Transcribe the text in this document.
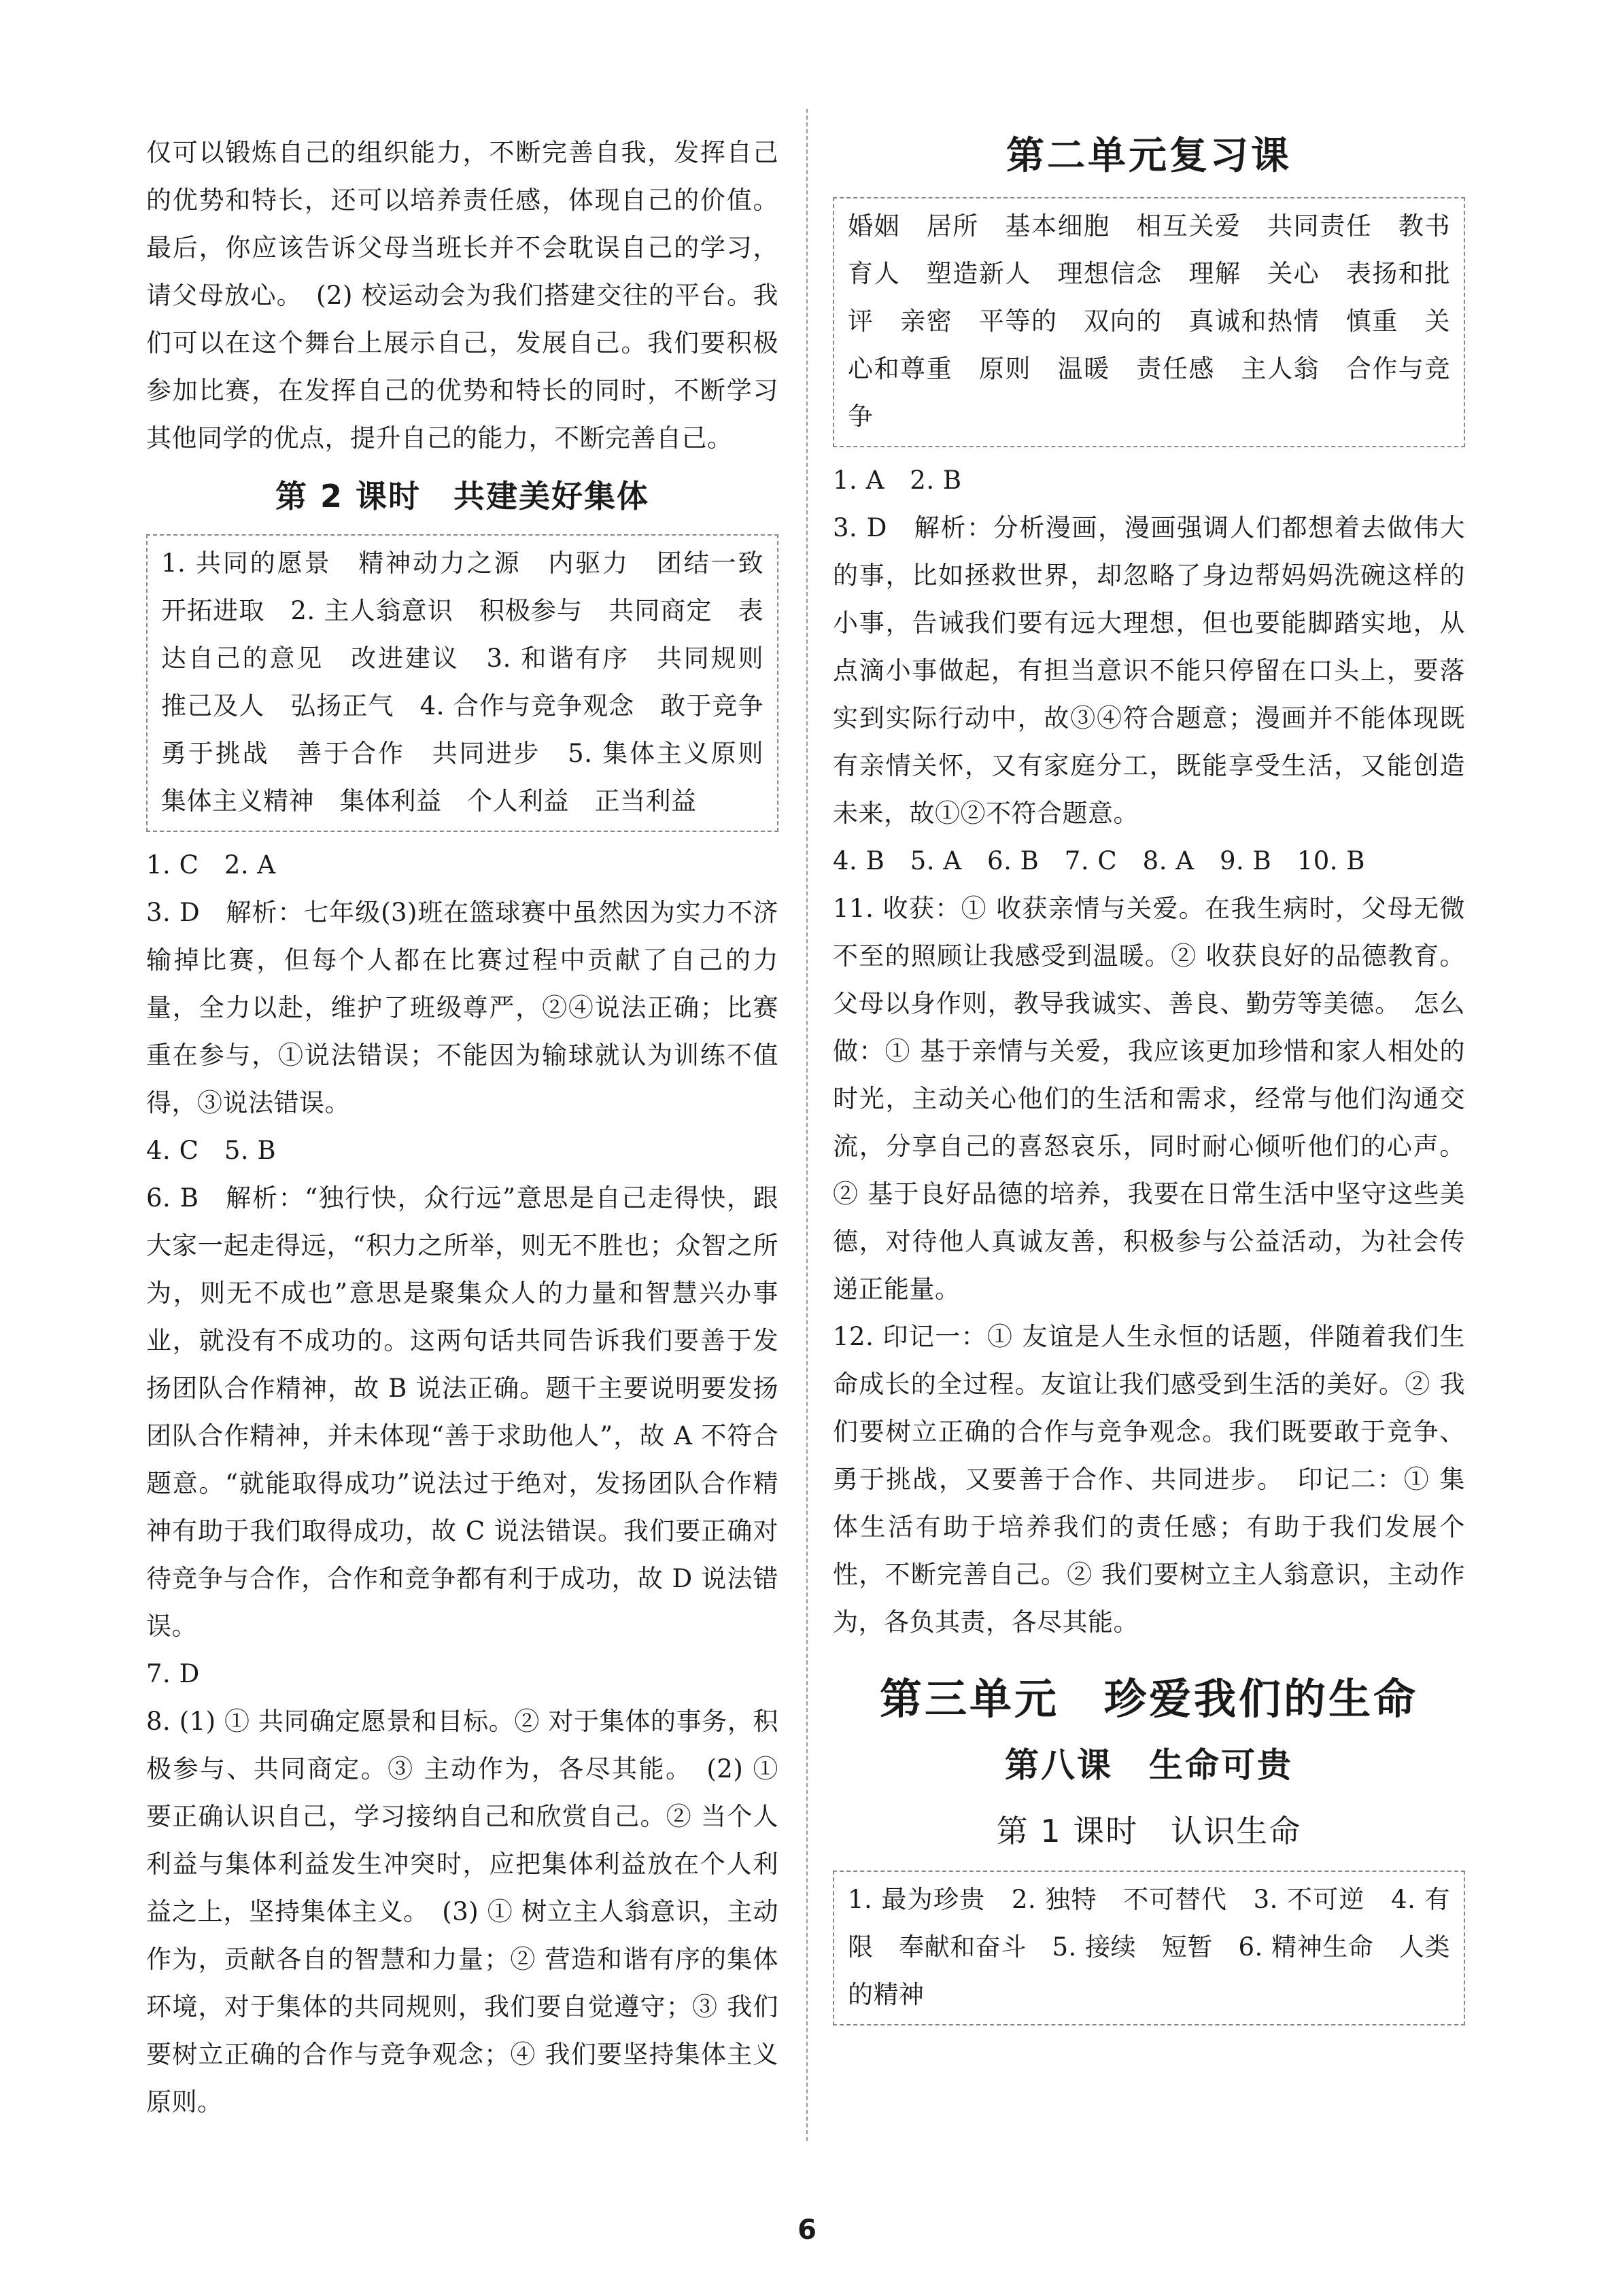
仅可以锻炼自己的组织能力，不断完善自我，发挥自己的优势和特长，还可以培养责任感，体现自己的价值。最后，你应该告诉父母当班长并不会耽误自己的学习，请父母放心。　(2) 校运动会为我们搭建交往的平台。我们可以在这个舞台上展示自己，发展自己。我们要积极参加比赛，在发挥自己的优势和特长的同时，不断学习其他同学的优点，提升自己的能力，不断完善自己。

第 2 课时　共建美好集体

1. 共同的愿景　精神动力之源　内驱力　团结一致　开拓进取　2. 主人翁意识　积极参与　共同商定　表达自己的意见　改进建议　3. 和谐有序　共同规则　推己及人　弘扬正气　4. 合作与竞争观念　敢于竞争　勇于挑战　善于合作　共同进步　5. 集体主义原则　集体主义精神　集体利益　个人利益　正当利益

1. C　2. A

3. D　解析：七年级(3)班在篮球赛中虽然因为实力不济输掉比赛，但每个人都在比赛过程中贡献了自己的力量，全力以赴，维护了班级尊严，②④说法正确；比赛重在参与，①说法错误；不能因为输球就认为训练不值得，③说法错误。

4. C　5. B

6. B　解析：“独行快，众行远”意思是自己走得快，跟大家一起走得远，“积力之所举，则无不胜也；众智之所为，则无不成也”意思是聚集众人的力量和智慧兴办事业，就没有不成功的。这两句话共同告诉我们要善于发扬团队合作精神，故 B 说法正确。题干主要说明要发扬团队合作精神，并未体现“善于求助他人”，故 A 不符合题意。“就能取得成功”说法过于绝对，发扬团队合作精神有助于我们取得成功，故 C 说法错误。我们要正确对待竞争与合作，合作和竞争都有利于成功，故 D 说法错误。

7. D

8. (1) ① 共同确定愿景和目标。② 对于集体的事务，积极参与、共同商定。③ 主动作为，各尽其能。　(2) ① 要正确认识自己，学习接纳自己和欣赏自己。② 当个人利益与集体利益发生冲突时，应把集体利益放在个人利益之上，坚持集体主义。　(3) ① 树立主人翁意识，主动作为，贡献各自的智慧和力量；② 营造和谐有序的集体环境，对于集体的共同规则，我们要自觉遵守；③ 我们要树立正确的合作与竞争观念；④ 我们要坚持集体主义原则。

第二单元复习课

婚姻　居所　基本细胞　相互关爱　共同责任　教书育人　塑造新人　理想信念　理解　关心　表扬和批评　亲密　平等的　双向的　真诚和热情　慎重　关心和尊重　原则　温暖　责任感　主人翁　合作与竞争

1. A　2. B

3. D　解析：分析漫画，漫画强调人们都想着去做伟大的事，比如拯救世界，却忽略了身边帮妈妈洗碗这样的小事，告诫我们要有远大理想，但也要能脚踏实地，从点滴小事做起，有担当意识不能只停留在口头上，要落实到实际行动中，故③④符合题意；漫画并不能体现既有亲情关怀，又有家庭分工，既能享受生活，又能创造未来，故①②不符合题意。

4. B　5. A　6. B　7. C　8. A　9. B　10. B

11. 收获：① 收获亲情与关爱。在我生病时，父母无微不至的照顾让我感受到温暖。② 收获良好的品德教育。父母以身作则，教导我诚实、善良、勤劳等美德。　怎么做：① 基于亲情与关爱，我应该更加珍惜和家人相处的时光，主动关心他们的生活和需求，经常与他们沟通交流，分享自己的喜怒哀乐，同时耐心倾听他们的心声。② 基于良好品德的培养，我要在日常生活中坚守这些美德，对待他人真诚友善，积极参与公益活动，为社会传递正能量。

12. 印记一：① 友谊是人生永恒的话题，伴随着我们生命成长的全过程。友谊让我们感受到生活的美好。② 我们要树立正确的合作与竞争观念。我们既要敢于竞争、勇于挑战，又要善于合作、共同进步。　印记二：① 集体生活有助于培养我们的责任感；有助于我们发展个性，不断完善自己。② 我们要树立主人翁意识，主动作为，各负其责，各尽其能。

第三单元　珍爱我们的生命
第八课　生命可贵
第 1 课时　认识生命

1. 最为珍贵　2. 独特　不可替代　3. 不可逆　4. 有限　奉献和奋斗　5. 接续　短暂　6. 精神生命　人类的精神

6
